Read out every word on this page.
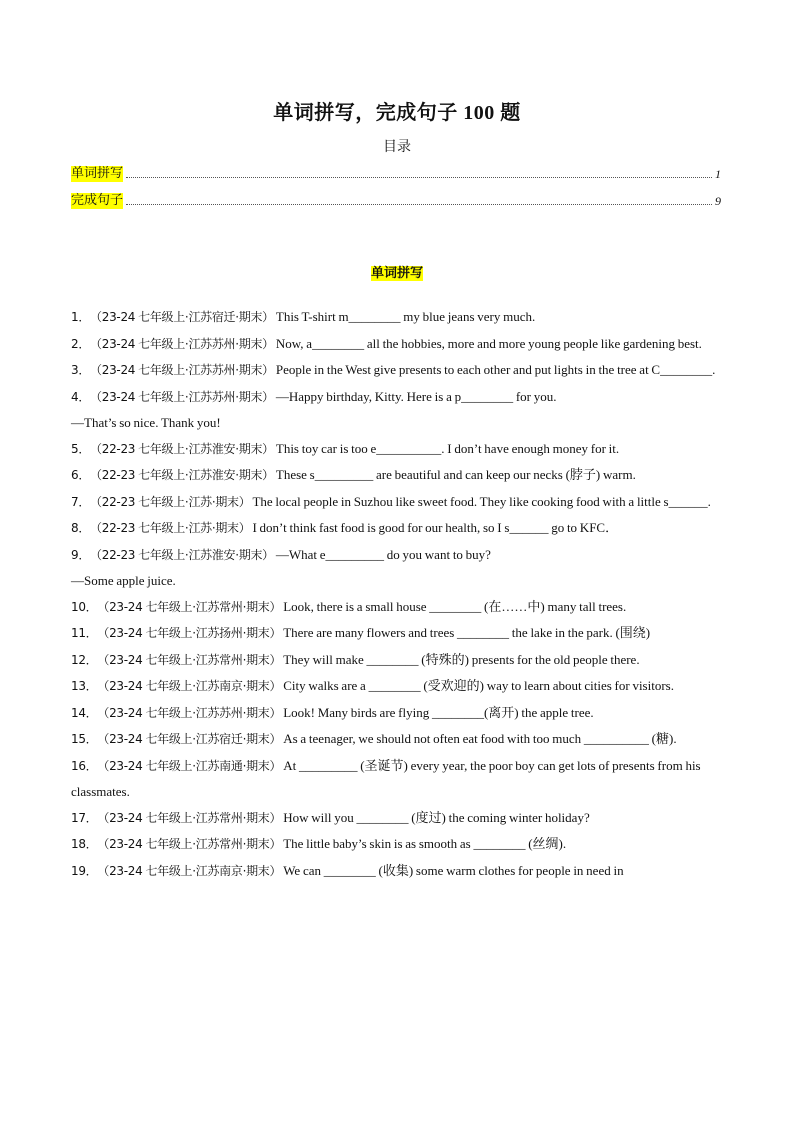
单词拼写，完成句子 100 题
目录
单词拼写	1
完成句子	9
单词拼写

1． （23-24 七年级上·江苏宿迁·期末） This T-shirt m________ my blue jeans very much.

2． （23-24 七年级上·江苏苏州·期末） Now, a________ all the hobbies, more and more young people like gardening best.

3． （23-24 七年级上·江苏苏州·期末） People in the West give presents to each other and put lights in the tree at C________.

4． （23-24 七年级上·江苏苏州·期末） —Happy birthday, Kitty. Here is a p________ for you.
—That’s so nice. Thank you!

5． （22-23 七年级上·江苏淮安·期末） This toy car is too e__________. I don’t have enough money for it.

6． （22-23 七年级上·江苏淮安·期末） These s_________ are beautiful and can keep our necks (脖子) warm.

7． （22-23 七年级上·江苏·期末） The local people in Suzhou like sweet food. They like cooking food with a little s______.

8． （22-23 七年级上·江苏·期末） I don’t think fast food is good for our health, so I s______ go to KFC．

9． （22-23 七年级上·江苏淮安·期末） —What e_________ do you want to buy?
—Some apple juice.

10． （23-24 七年级上·江苏常州·期末） Look, there is a small house ________ (在……中) many tall trees.

11． （23-24 七年级上·江苏扬州·期末） There are many flowers and trees ________ the lake in the park. (围绕)

12． （23-24 七年级上·江苏常州·期末） They will make ________ (特殊的) presents for the old people there.

13． （23-24 七年级上·江苏南京·期末） City walks are a ________ (受欢迎的) way to learn about cities for visitors.

14． （23-24 七年级上·江苏苏州·期末） Look! Many birds are flying ________(离开) the apple tree.

15． （23-24 七年级上·江苏宿迁·期末） As a teenager, we should not often eat food with too much __________ (糖).

16． （23-24 七年级上·江苏南通·期末） At _________ (圣诞节) every year, the poor boy can get lots of presents from his classmates.

17． （23-24 七年级上·江苏常州·期末） How will you ________ (度过) the coming winter holiday?

18． （23-24 七年级上·江苏常州·期末） The little baby’s skin is as smooth as ________ (丝绸).

19． （23-24 七年级上·江苏南京·期末） We can ________ (收集) some warm clothes for people in need in
